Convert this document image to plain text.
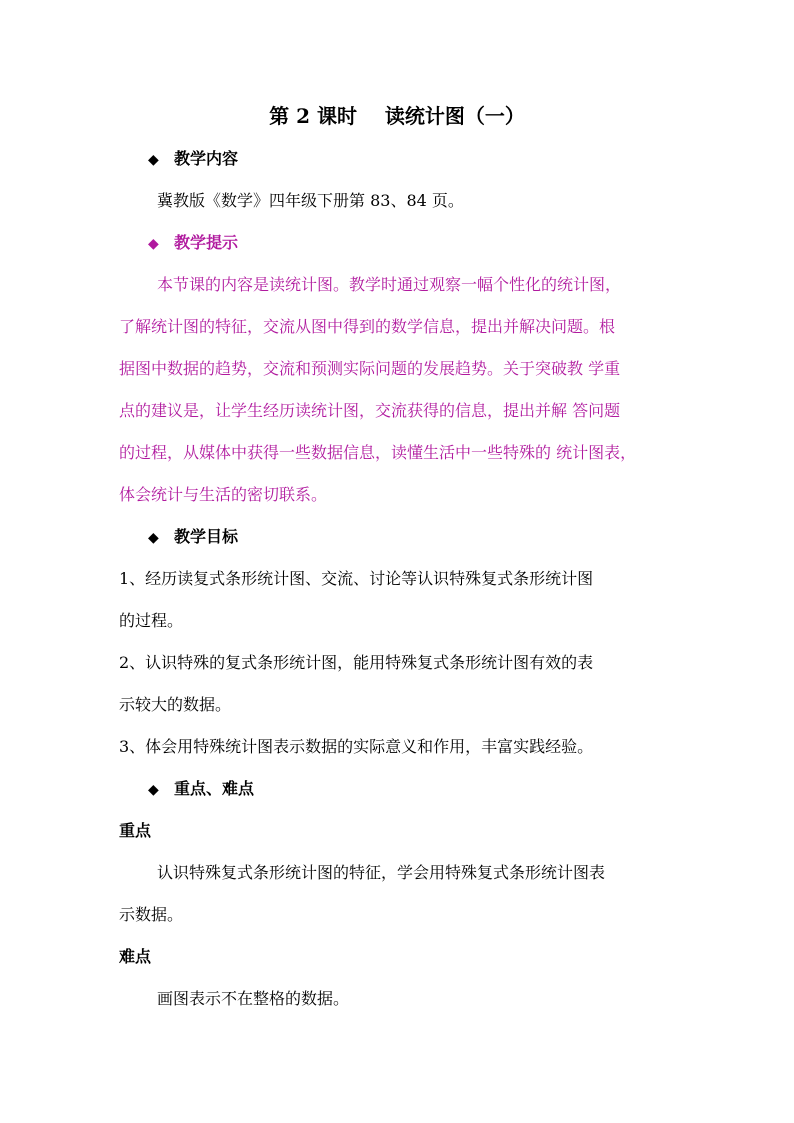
第 2 课时    读统计图（一）
◆ 教学内容
冀教版《数学》四年级下册第 83、84 页。
◆ 教学提示
本节课的内容是读统计图。教学时通过观察一幅个性化的统计图，
了解统计图的特征，交流从图中得到的数学信息，提出并解决问题。根
据图中数据的趋势，交流和预测实际问题的发展趋势。关于突破教 学重
点的建议是，让学生经历读统计图，交流获得的信息，提出并解 答问题
的过程，从媒体中获得一些数据信息，读懂生活中一些特殊的 统计图表，
体会统计与生活的密切联系。
◆ 教学目标
1、经历读复式条形统计图、交流、讨论等认识特殊复式条形统计图
的过程。
2、认识特殊的复式条形统计图，能用特殊复式条形统计图有效的表
示较大的数据。
3、体会用特殊统计图表示数据的实际意义和作用，丰富实践经验。
◆ 重点、难点
重点
认识特殊复式条形统计图的特征，学会用特殊复式条形统计图表
示数据。
难点
画图表示不在整格的数据。
